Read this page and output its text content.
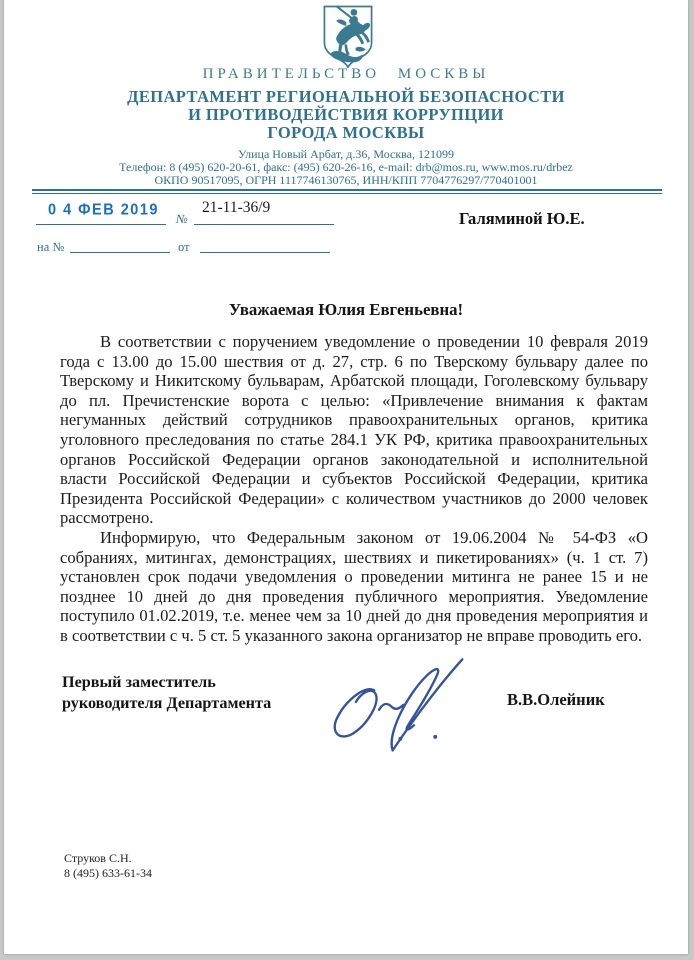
ПРАВИТЕЛЬСТВО МОСКВЫ
ДЕПАРТАМЕНТ РЕГИОНАЛЬНОЙ БЕЗОПАСНОСТИ
И ПРОТИВОДЕЙСТВИЯ КОРРУПЦИИ
ГОРОДА МОСКВЫ
Улица Новый Арбат, д.36, Москва, 121099
Телефон: 8 (495) 620-20-61, факс: (495) 620-26-16, e-mail: drb@mos.ru, www.mos.ru/drbez
ОКПО 90517095, ОГРН 1117746130765, ИНН/КПП 7704776297/770401001
0 4 ФЕВ 2019
№
21-11-36/9
на №	от
Галяминой Ю.Е.
Уважаемая Юлия Евгеньевна!

В соответствии с поручением уведомление о проведении 10 февраля 2019 года с 13.00 до 15.00 шествия от д. 27, стр. 6 по Тверскому бульвару далее по Тверскому и Никитскому бульварам, Арбатской площади, Гоголевскому бульвару до пл. Пречистенские ворота с целью: «Привлечение внимания к фактам негуманных действий сотрудников правоохранительных органов, критика уголовного преследования по статье 284.1 УК РФ, критика правоохранительных органов Российской Федерации органов законодательной и исполнительной власти Российской Федерации и субъектов Российской Федерации, критика Президента Российской Федерации» с количеством участников до 2000 человек рассмотрено.

Информирую, что Федеральным законом от 19.06.2004 № 54-ФЗ «О собраниях, митингах, демонстрациях, шествиях и пикетированиях» (ч. 1 ст. 7) установлен срок подачи уведомления о проведении митинга не ранее 15 и не позднее 10 дней до дня проведения публичного мероприятия. Уведомление поступило 01.02.2019, т.е. менее чем за 10 дней до дня проведения мероприятия и в соответствии с ч. 5 ст. 5 указанного закона организатор не вправе проводить его.

Первый заместитель
руководителя Департамента	В.В.Олейник
Струков С.Н.
8 (495) 633-61-34
